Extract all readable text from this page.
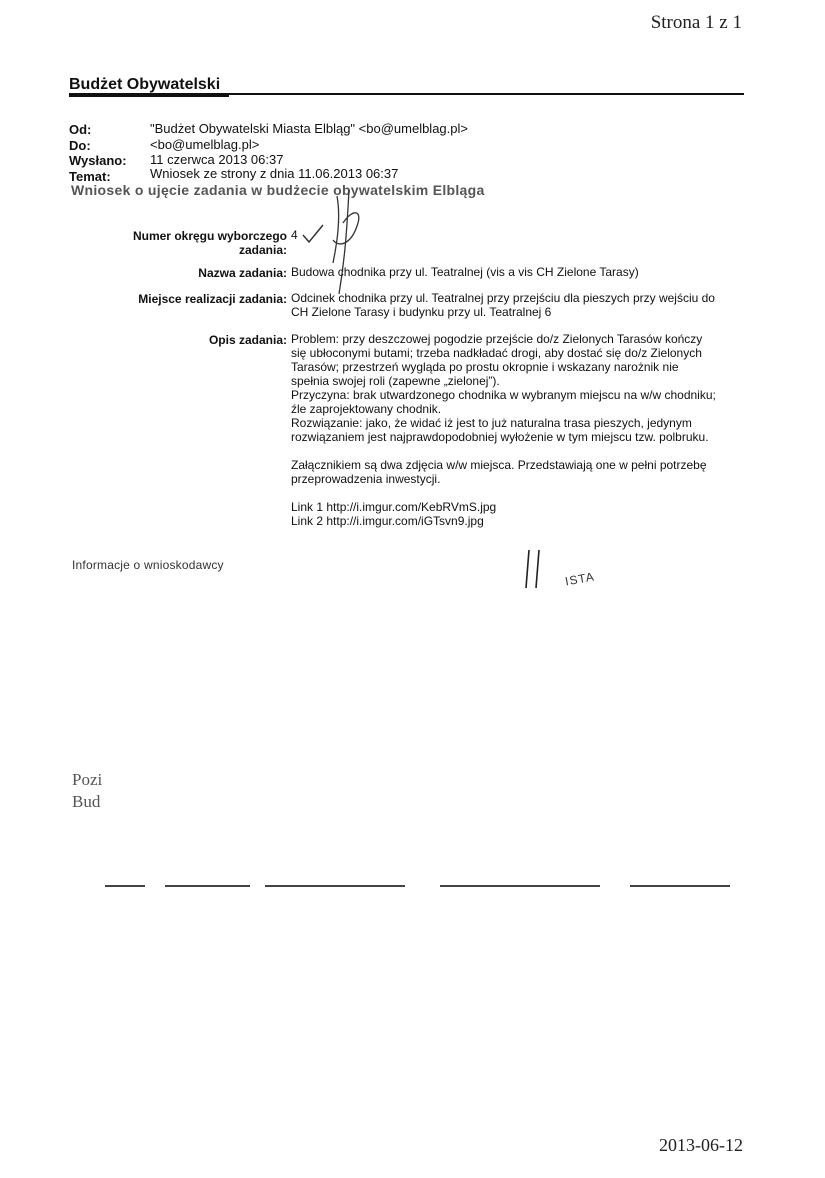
Strona 1 z 1
Budżet Obywatelski
Od:	"Budżet Obywatelski Miasta Elbląg" <bo@umelblag.pl>
Do:	<bo@umelblag.pl>
Wysłano: 11 czerwca 2013 06:37
Temat:	Wniosek ze strony z dnia 11.06.2013 06:37
Wniosek o ujęcie zadania w budżecie obywatelskim Elbląga
Numer okręgu wyborczego
zadania:
4
Nazwa zadania: Budowa chodnika przy ul. Teatralnej (vis a vis CH Zielone Tarasy)
Miejsce realizacji zadania: Odcinek chodnika przy ul. Teatralnej przy przejściu dla pieszych przy wejściu do

CH Zielone Tarasy i budynku przy ul. Teatralnej 6

Opis zadania: Problem: przy deszczowej pogodzie przejście do/z Zielonych Tarasów kończy

się ubłoconymi butami; trzeba nadkładać drogi, aby dostać się do/z Zielonych

Tarasów; przestrzeń wygląda po prostu okropnie i wskazany narożnik nie

spełnia swojej roli (zapewne „zielonej”).

Przyczyna: brak utwardzonego chodnika w wybranym miejscu na w/w chodniku;

źle zaprojektowany chodnik.

Rozwiązanie: jako, że widać iż jest to już naturalna trasa pieszych, jedynym

rozwiązaniem jest najprawdopodobniej wyłożenie w tym miejscu tzw. polbruku.

Załącznikiem są dwa zdjęcia w/w miejsca. Przedstawiają one w pełni potrzebę

przeprowadzenia inwestycji.

Link 1 http://i.imgur.com/KebRVmS.jpg

Link 2 http://i.imgur.com/iGTsvn9.jpg

Informacje o wnioskodawcy
ISTA
Pozi
Bud
2013-06-12
